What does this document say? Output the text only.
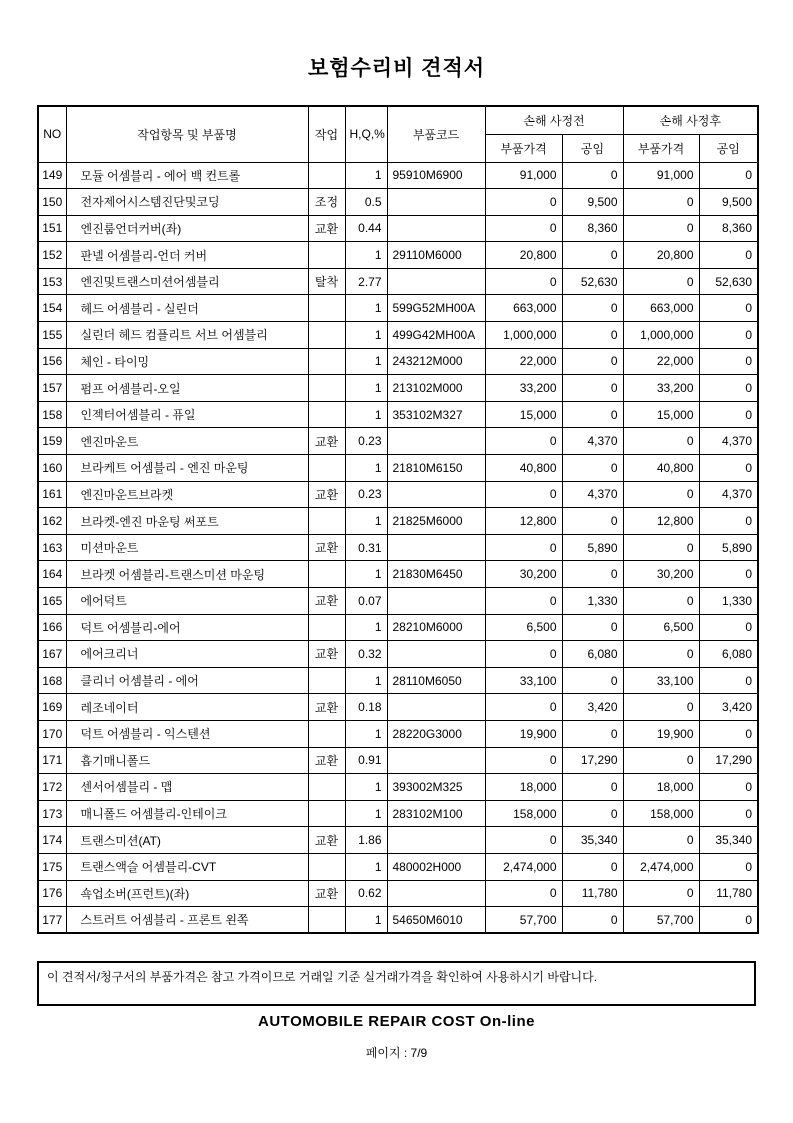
보험수리비 견적서
NO	작업항목 및 부품명	작업	H,Q,%	부품코드	손해 사정전		손해 사정후	
					부품가격	공임	부품가격	공임
149	모듈 어셈블리 - 에어 백 컨트롤		1	95910M6900	91,000	0	91,000	0
150	전자제어시스템진단및코딩	조정	0.5		0	9,500	0	9,500
151	엔진룸언더커버(좌)	교환	0.44		0	8,360	0	8,360
152	판넬 어셈블리-언더 커버		1	29110M6000	20,800	0	20,800	0
153	엔진및트랜스미션어셈블리	탈착	2.77		0	52,630	0	52,630
154	헤드 어셈블리 - 실린더		1	599G52MH00A	663,000	0	663,000	0
155	실린더 헤드 컴플리트 서브 어셈블리		1	499G42MH00A	1,000,000	0	1,000,000	0
156	체인 - 타이밍		1	243212M000	22,000	0	22,000	0
157	펌프 어셈블리-오일		1	213102M000	33,200	0	33,200	0
158	인젝터어셈블리 - 퓨일		1	353102M327	15,000	0	15,000	0
159	엔진마운트	교환	0.23		0	4,370	0	4,370
160	브라케트 어셈블리 - 엔진 마운팅		1	21810M6150	40,800	0	40,800	0
161	엔진마운트브라켓	교환	0.23		0	4,370	0	4,370
162	브라켓-엔진 마운팅 써포트		1	21825M6000	12,800	0	12,800	0
163	미션마운트	교환	0.31		0	5,890	0	5,890
164	브라켓 어셈블리-트랜스미션 마운팅		1	21830M6450	30,200	0	30,200	0
165	에어덕트	교환	0.07		0	1,330	0	1,330
166	덕트 어셈블리-에어		1	28210M6000	6,500	0	6,500	0
167	에어크리너	교환	0.32		0	6,080	0	6,080
168	클리너 어셈블리 - 에어		1	28110M6050	33,100	0	33,100	0
169	레조네이터	교환	0.18		0	3,420	0	3,420
170	덕트 어셈블리 - 익스텐션		1	28220G3000	19,900	0	19,900	0
171	흡기매니폴드	교환	0.91		0	17,290	0	17,290
172	센서어셈블리 - 맵		1	393002M325	18,000	0	18,000	0
173	매니폴드 어셈블리-인테이크		1	283102M100	158,000	0	158,000	0
174	트랜스미션(AT)	교환	1.86		0	35,340	0	35,340
175	트랜스액슬 어셈블리-CVT		1	480002H000	2,474,000	0	2,474,000	0
176	쇽업소버(프런트)(좌)	교환	0.62		0	11,780	0	11,780
177	스트러트 어셈블리 - 프론트 왼쪽		1	54650M6010	57,700	0	57,700	0
이 견적서/청구서의 부품가격은 참고 가격이므로 거래일 기준 실거래가격을 확인하여 사용하시기 바랍니다.
AUTOMOBILE REPAIR COST On-line
페이지 : 7/9
